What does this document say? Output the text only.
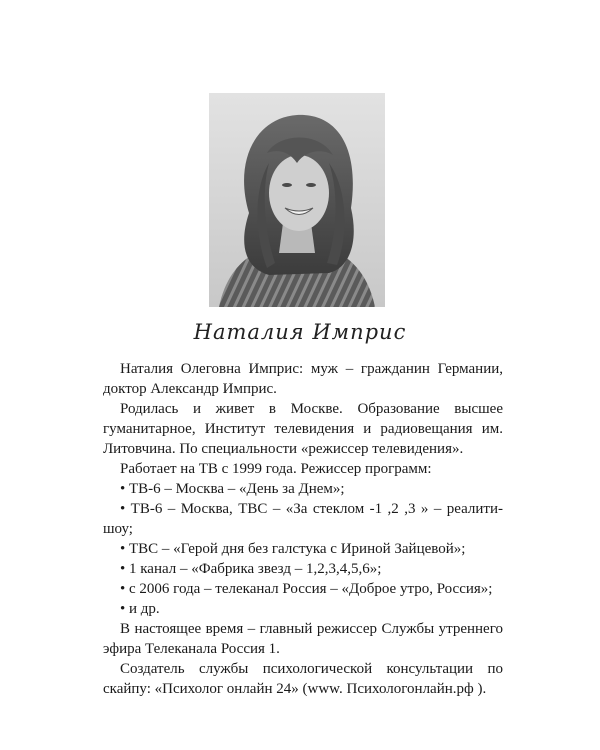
Наталия Имприс

Наталия Олеговна Имприс: муж – гражданин Германии, доктор Александр Имприс.

Родилась и живет в Москве. Образование высшее гуманитарное, Институт телевидения и радиовещания им. Литовчина. По специальности «режиссер телевидения».

Работает на ТВ с 1999 года. Режиссер программ:

• ТВ-6 – Москва – «День за Днем»;

• ТВ-6 – Москва, ТВС – «За стеклом -1 ,2 ,3 » – реалити-шоу;

• ТВС – «Герой дня без галстука с Ириной Зайцевой»;

• 1 канал – «Фабрика звезд – 1,2,3,4,5,6»;

• с 2006 года – телеканал Россия – «Доброе утро, Россия»;

• и др.

В настоящее время – главный режиссер Службы утреннего эфира Телеканала Россия 1.

Создатель службы психологической консультации по скайпу: «Психолог онлайн 24» (www. Психологонлайн.рф ).
